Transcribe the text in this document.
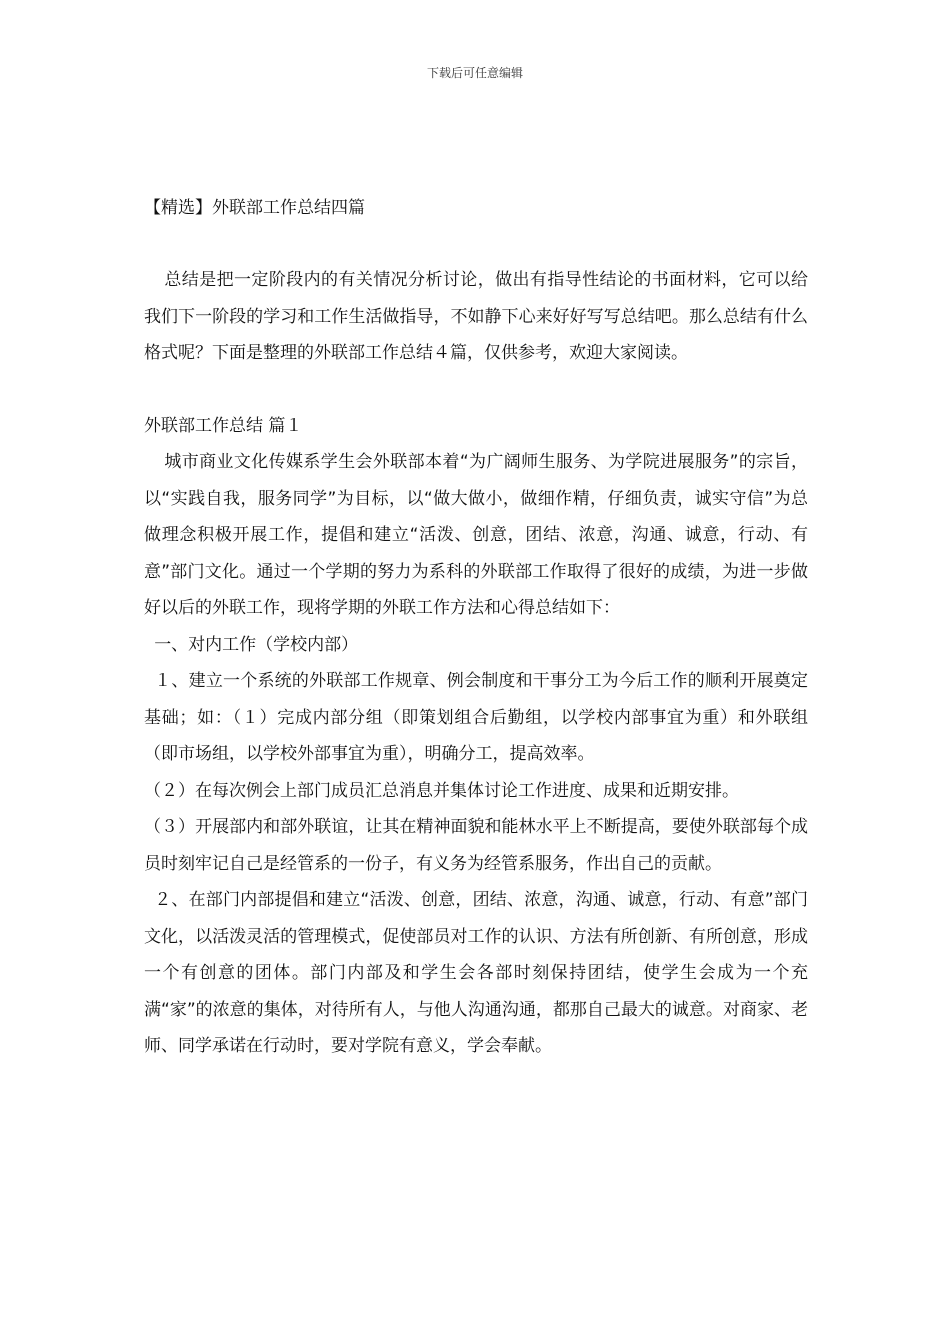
下载后可任意编辑
【精选】外联部工作总结四篇

总结是把一定阶段内的有关情况分析讨论，做出有指导性结论的书面材料，它可以给我们下一阶段的学习和工作生活做指导，不如静下心来好好写写总结吧。那么总结有什么格式呢？下面是整理的外联部工作总结４篇，仅供参考，欢迎大家阅读。

外联部工作总结 篇１

城市商业文化传媒系学生会外联部本着“为广阔师生服务、为学院进展服务”的宗旨，以“实践自我，服务同学”为目标，以“做大做小，做细作精，仔细负责，诚实守信”为总做理念积极开展工作，提倡和建立“活泼、创意，团结、浓意，沟通、诚意，行动、有意”部门文化。通过一个学期的努力为系科的外联部工作取得了很好的成绩，为进一步做好以后的外联工作，现将学期的外联工作方法和心得总结如下：

一、对内工作（学校内部）

１、建立一个系统的外联部工作规章、例会制度和干事分工为今后工作的顺利开展奠定基础；如：（１）完成内部分组（即策划组合后勤组，以学校内部事宜为重）和外联组（即市场组，以学校外部事宜为重），明确分工，提高效率。

（２）在每次例会上部门成员汇总消息并集体讨论工作进度、成果和近期安排。

（３）开展部内和部外联谊，让其在精神面貌和能林水平上不断提高，要使外联部每个成员时刻牢记自己是经管系的一份子，有义务为经管系服务，作出自己的贡献。

２、在部门内部提倡和建立“活泼、创意，团结、浓意，沟通、诚意，行动、有意”部门文化，以活泼灵活的管理模式，促使部员对工作的认识、方法有所创新、有所创意，形成一个有创意的团体。部门内部及和学生会各部时刻保持团结，使学生会成为一个充满“家”的浓意的集体，对待所有人，与他人沟通沟通，都那自己最大的诚意。对商家、老师、同学承诺在行动时，要对学院有意义，学会奉献。
